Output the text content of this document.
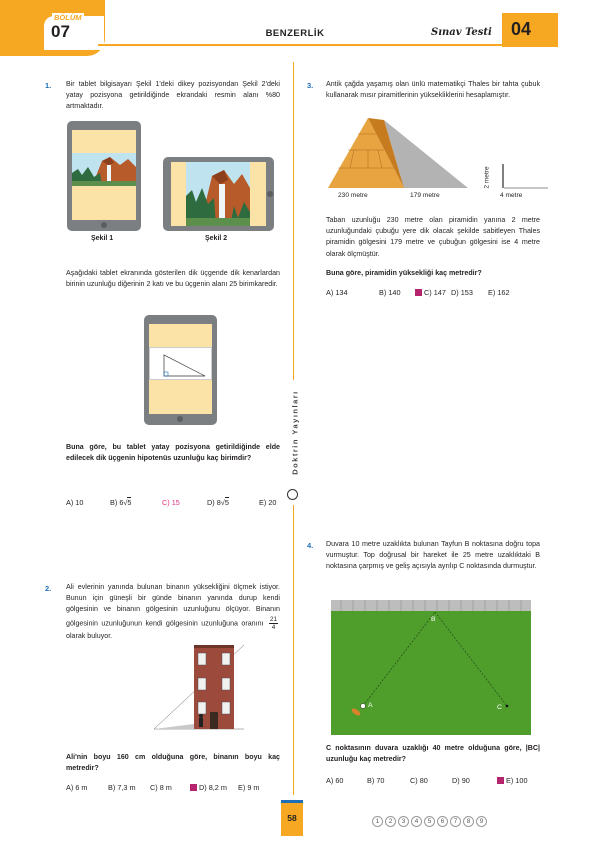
BÖLÜM
07	BENZERLİK	Sınav Testi 04
Doktrin Yayınları
1. Bir tablet bilgisayarı Şekil 1'deki dikey pozisyondan Şekil 2'deki yatay pozisyona getirildiğinde ekrandaki resmin alanı %80 artmaktadır.
Şekil 1	Şekil 2
Aşağıdaki tablet ekranında gösterilen dik üçgende dik kenarlardan birinin uzunluğu diğerinin 2 katı ve bu üçgenin alanı 25 birimkaredir.
Buna göre, bu tablet yatay pozisyona getirildiğinde elde edilecek dik üçgenin hipotenüs uzunluğu kaç birimdir?
A) 10	B) 6√5	C) 15	D) 8√5	E) 20
2. Ali evlerinin yanında bulunan binanın yüksekliğini ölçmek istiyor. Bunun için güneşli bir günde binanın yanında durup kendi gölgesinin ve binanın gölgesinin uzunluğunu ölçüyor. Binanın gölgesinin uzunluğunun kendi gölgesinin uzunluğuna oranını $\frac{21}{4}$
olarak buluyor.
Ali'nin boyu 160 cm olduğuna göre, binanın boyu kaç metredir?
A) 6 m	B) 7,3 m C) 8 m	D) 8,2 m E) 9 m
3. Antik çağda yaşamış olan ünlü matematikçi Thales bir tahta çubuk kullanarak mısır piramitlerinin yüksekliklerini hesaplamıştır.
230 metre	179 metre
2 metre
4 metre
Taban uzunluğu 230 metre olan piramidin yanına 2 metre uzunluğundaki çubuğu yere dik olacak şekilde sabitleyen Thales piramidin gölgesini 179 metre ve çubuğun gölgesini ise 4 metre olarak ölçmüştür.
Buna göre, piramidin yüksekliği kaç metredir?
A) 134	B) 140	C) 147 D) 153 E) 162
4. Duvara 10 metre uzaklıkta bulunan Tayfun B noktasına doğru topa vurmuştur. Top doğrusal bir hareket ile 25 metre uzaklıktaki B noktasına çarpmış ve geliş açısıyla ayrılıp C noktasında durmuştur.
A
B
C
C noktasının duvara uzaklığı 40 metre olduğuna göre, |BC| uzunluğu kaç metredir?
A) 60	B) 70	C) 80	D) 90	E) 100
58	1 2 3 4 5 6 7 8 9
